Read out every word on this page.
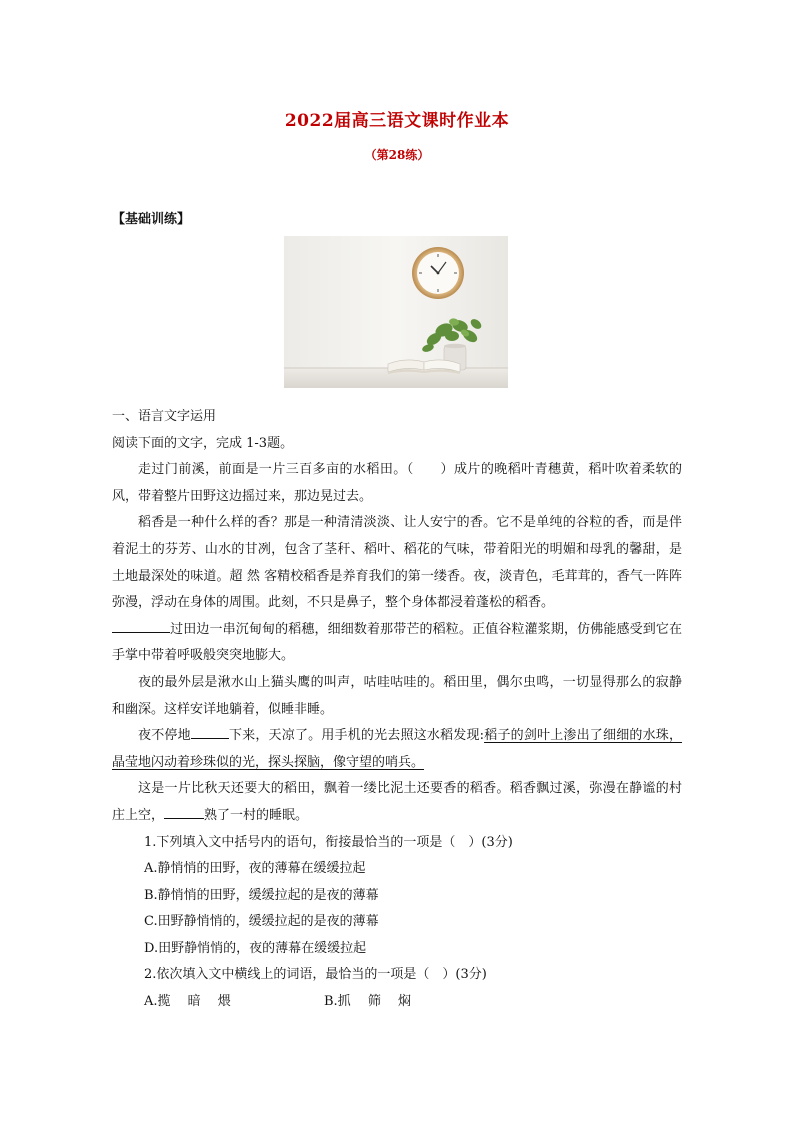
2022届高三语文课时作业本
（第28练）
【基础训练】

一、语言文字运用

阅读下面的文字，完成 1-3题。

走过门前溪，前面是一片三百多亩的水稻田。（　　）成片的晚稻叶青穗黄，稻叶吹着柔软的风，带着整片田野这边摇过来，那边晃过去。

稻香是一种什么样的香？那是一种清清淡淡、让人安宁的香。它不是单纯的谷粒的香，而是伴着泥土的芬芳、山水的甘冽，包含了茎秆、稻叶、稻花的气味，带着阳光的明媚和母乳的馨甜，是土地最深处的味道。超 然 客精校稻香是养育我们的第一缕香。夜，淡青色，毛茸茸的，香气一阵阵弥漫，浮动在身体的周围。此刻，不只是鼻子，整个身体都浸着蓬松的稻香。

过田边一串沉甸甸的稻穗，细细数着那带芒的稻粒。正值谷粒灌浆期，仿佛能感受到它在手掌中带着呼吸般突突地膨大。

夜的最外层是湫水山上猫头鹰的叫声，咕哇咕哇的。稻田里，偶尔虫鸣，一切显得那么的寂静和幽深。这样安详地躺着，似睡非睡。

夜不停地	下来，天凉了。用手机的光去照这水稻发现:稻子的剑叶上渗出了细细的水珠，晶莹地闪动着珍珠似的光，探头探脑，像守望的哨兵。

这是一片比秋天还要大的稻田，飘着一缕比泥土还要香的稻香。稻香飘过溪，弥漫在静谧的村庄上空，	熟了一村的睡眠。

1.下列填入文中括号内的语句，衔接最恰当的一项是（　）(3分)

A.静悄悄的田野，夜的薄幕在缓缓拉起

B.静悄悄的田野，缓缓拉起的是夜的薄幕

C.田野静悄悄的，缓缓拉起的是夜的薄幕

D.田野静悄悄的，夜的薄幕在缓缓拉起

2.依次填入文中横线上的词语，最恰当的一项是（　）(3分)

A.揽　 暗　 煨	B.抓　 筛　 焖
